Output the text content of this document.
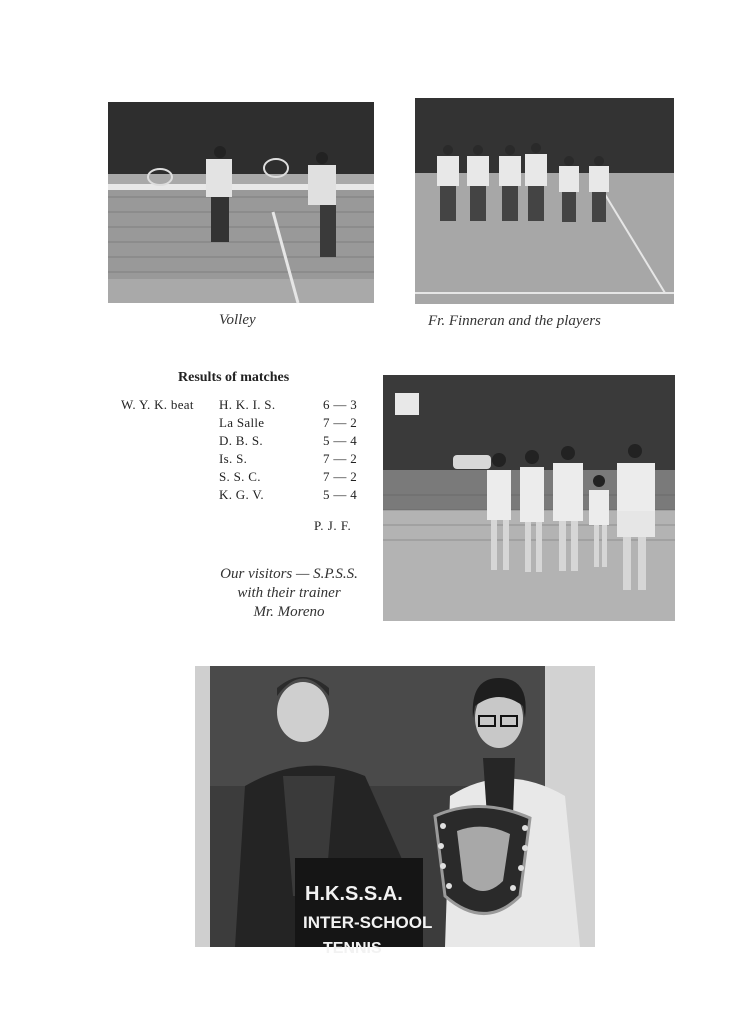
Volley	Fr. Finneran and the players
Results of matches
W. Y. K. beat	H. K. I. S.	6 — 3
	La Salle	7 — 2
	D. B. S.	5 — 4
	Is. S.	7 — 2
	S. S. C.	7 — 2
	K. G. V.	5 — 4
P. J. F.
Our visitors — S.P.S.S.
with their trainer
Mr. Moreno
H.K.S.S.A.
INTER-SCHOOL
TENNIS
